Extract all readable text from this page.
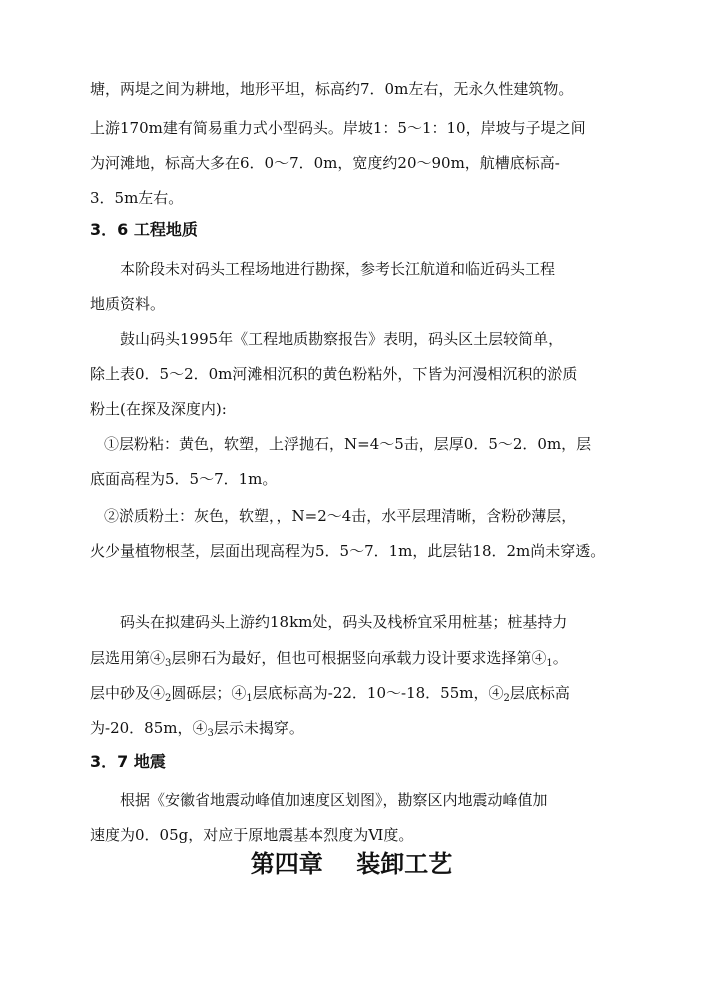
塘，两堤之间为耕地，地形平坦，标高约7．0m左右，无永久性建筑物。

上游170m建有简易重力式小型码头。岸坡1：5～1：10，岸坡与子堤之间

为河滩地，标高大多在6．0～7．0m，宽度约20～90m，航槽底标高-

3．5m左右。

3．6 工程地质

本阶段未对码头工程场地进行勘探，参考长江航道和临近码头工程

地质资料。

鼓山码头1995年《工程地质勘察报告》表明，码头区土层较简单，

除上表0．5～2．0m河滩相沉积的黄色粉粘外，下皆为河漫相沉积的淤质

粉土(在探及深度内):

①层粉粘：黄色，软塑，上浮抛石，N=4～5击，层厚0．5～2．0m，层

底面高程为5．5～7．1m。

②淤质粉土：灰色，软塑，，N=2～4击，水平层理清晰，含粉砂薄层，

火少量植物根茎，层面出现高程为5．5～7．1m，此层钻18．2m尚未穿透。

码头在拟建码头上游约18km处，码头及栈桥宜采用桩基；桩基持力

层选用第$④_3$层卵石为最好，但也可根据竖向承载力设计要求选择第$④_1$。

层中砂及$④_2$圆砾层；$④_1$层底标高为-22．10～-18．55m，$④_2$层底标高

为-20．85m，$④_3$层示未揭穿。

3．7 地震

根据《安徽省地震动峰值加速度区划图》，勘察区内地震动峰值加

速度为0．05g，对应于原地震基本烈度为Ⅵ度。

第四章    装卸工艺
